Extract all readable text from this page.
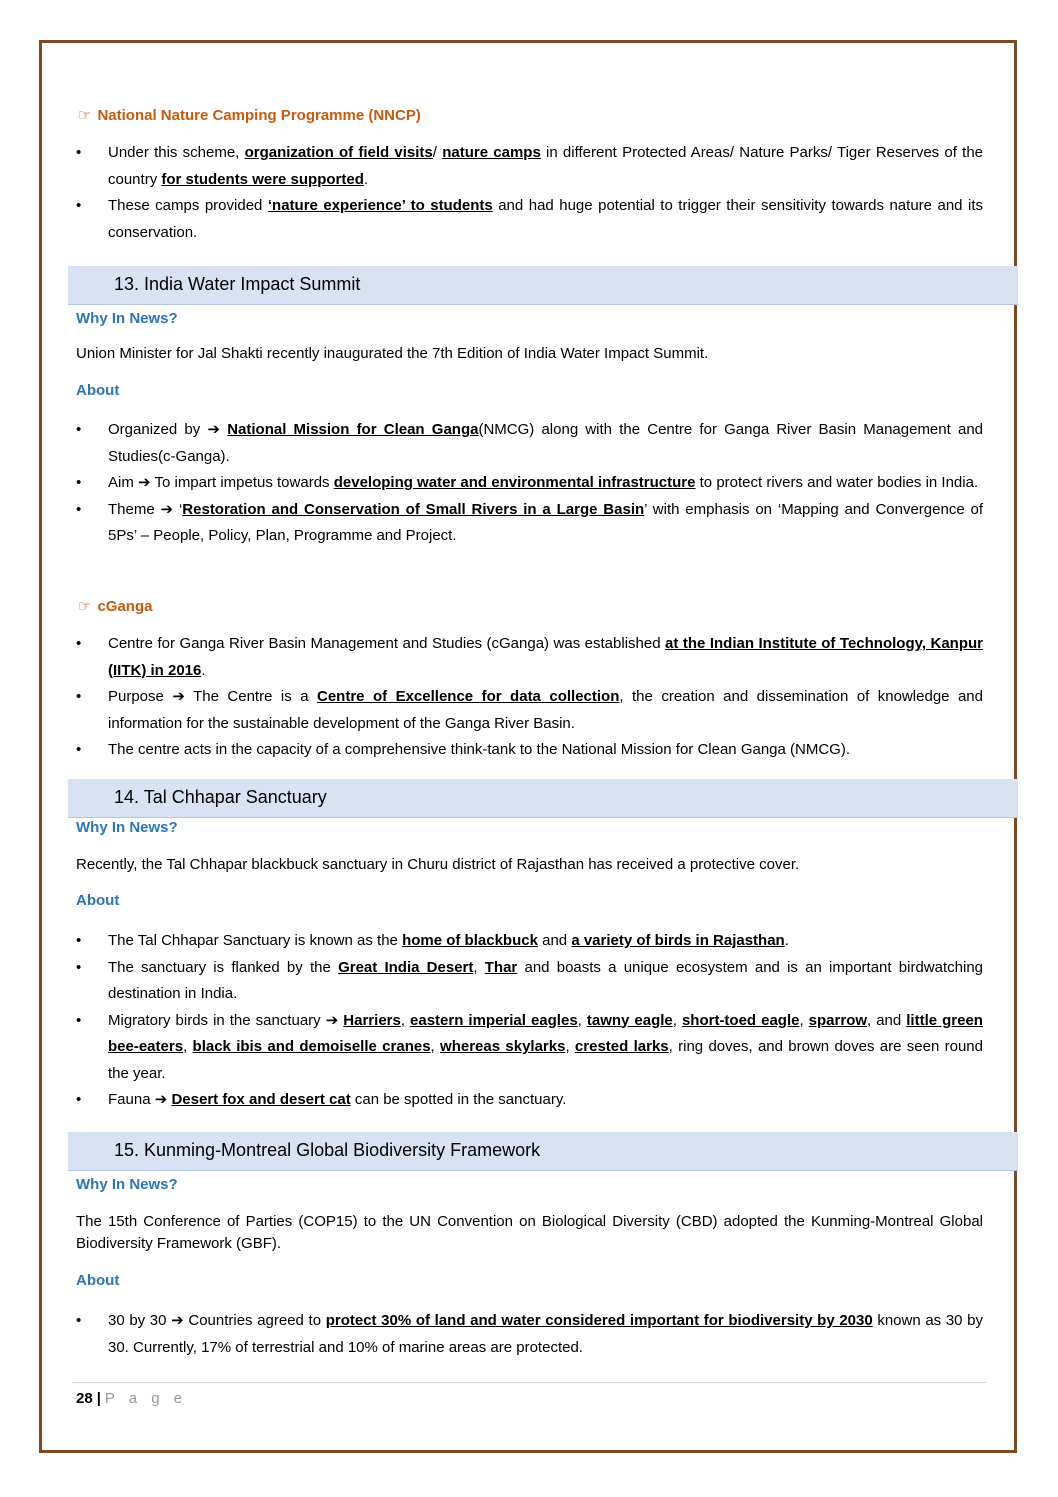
☞ National Nature Camping Programme (NNCP)
• Under this scheme, organization of field visits/ nature camps in different Protected Areas/ Nature Parks/ Tiger Reserves of the country for students were supported.
• These camps provided ‘nature experience’ to students and had huge potential to trigger their sensitivity towards nature and its conservation.
13. India Water Impact Summit
Why In News?
Union Minister for Jal Shakti recently inaugurated the 7th Edition of India Water Impact Summit.
About
• Organized by ➔ National Mission for Clean Ganga(NMCG) along with the Centre for Ganga River Basin Management and Studies(c-Ganga).
• Aim ➔ To impart impetus towards developing water and environmental infrastructure to protect rivers and water bodies in India.
• Theme ➔ ‘Restoration and Conservation of Small Rivers in a Large Basin’ with emphasis on ‘Mapping and Convergence of 5Ps’ – People, Policy, Plan, Programme and Project.
☞ cGanga
• Centre for Ganga River Basin Management and Studies (cGanga) was established at the Indian Institute of Technology, Kanpur (IITK) in 2016.
• Purpose ➔ The Centre is a Centre of Excellence for data collection, the creation and dissemination of knowledge and information for the sustainable development of the Ganga River Basin.
• The centre acts in the capacity of a comprehensive think-tank to the National Mission for Clean Ganga (NMCG).
14. Tal Chhapar Sanctuary
Why In News?
Recently, the Tal Chhapar blackbuck sanctuary in Churu district of Rajasthan has received a protective cover.
About
• The Tal Chhapar Sanctuary is known as the home of blackbuck and a variety of birds in Rajasthan.
• The sanctuary is flanked by the Great India Desert, Thar and boasts a unique ecosystem and is an important birdwatching destination in India.
• Migratory birds in the sanctuary ➔ Harriers, eastern imperial eagles, tawny eagle, short-toed eagle, sparrow, and little green bee-eaters, black ibis and demoiselle cranes, whereas skylarks, crested larks, ring doves, and brown doves are seen round the year.
• Fauna ➔ Desert fox and desert cat can be spotted in the sanctuary.
15. Kunming-Montreal Global Biodiversity Framework
Why In News?
The 15th Conference of Parties (COP15) to the UN Convention on Biological Diversity (CBD) adopted the Kunming-Montreal Global Biodiversity Framework (GBF).
About
• 30 by 30 ➔ Countries agreed to protect 30% of land and water considered important for biodiversity by 2030 known as 30 by 30. Currently, 17% of terrestrial and 10% of marine areas are protected.
28 | P a g e
